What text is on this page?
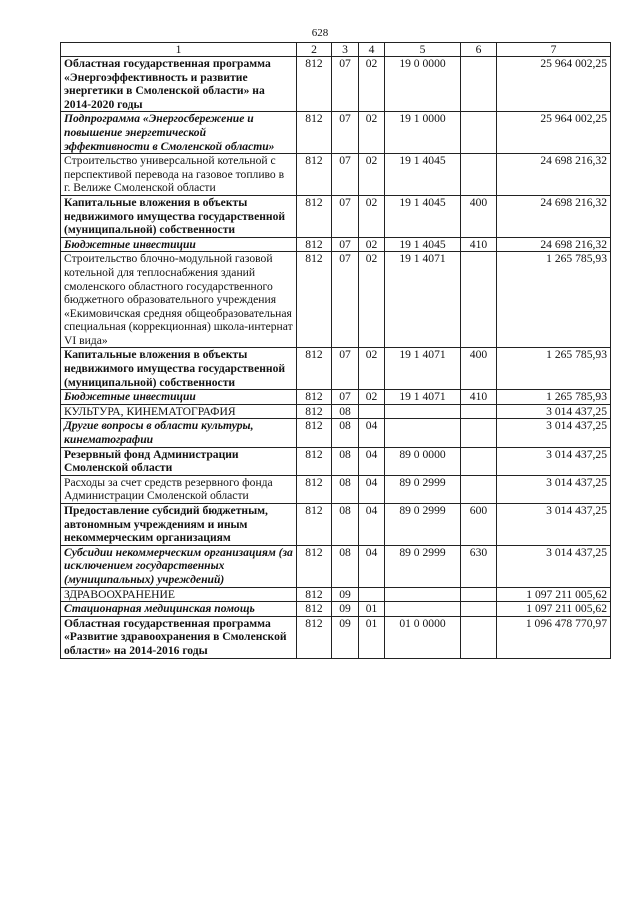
628
1	2	3	4	5	6	7
Областная государственная программа «Энергоэффективность и развитие энергетики в Смоленской области» на 2014-2020 годы	812	07	02	19 0 0000		25 964 002,25
Подпрограмма «Энергосбережение и повышение энергетической эффективности в Смоленской области»	812	07	02	19 1 0000		25 964 002,25
Строительство универсальной котельной с перспективой перевода на газовое топливо в г. Велиже Смоленской области	812	07	02	19 1 4045		24 698 216,32
Капитальные вложения в объекты недвижимого имущества государственной (муниципальной) собственности	812	07	02	19 1 4045	400	24 698 216,32
Бюджетные инвестиции	812	07	02	19 1 4045	410	24 698 216,32
Строительство блочно-модульной газовой котельной для теплоснабжения зданий смоленского областного государственного бюджетного образовательного учреждения «Екимовичская средняя общеобразовательная специальная (коррекционная) школа-интернат VI вида»	812	07	02	19 1 4071		1 265 785,93
Капитальные вложения в объекты недвижимого имущества государственной (муниципальной) собственности	812	07	02	19 1 4071	400	1 265 785,93
Бюджетные инвестиции	812	07	02	19 1 4071	410	1 265 785,93
КУЛЬТУРА, КИНЕМАТОГРАФИЯ	812	08				3 014 437,25
Другие вопросы в области культуры, кинематографии	812	08	04			3 014 437,25
Резервный фонд Администрации Смоленской области	812	08	04	89 0 0000		3 014 437,25
Расходы за счет средств резервного фонда Администрации Смоленской области	812	08	04	89 0 2999		3 014 437,25
Предоставление субсидий бюджетным, автономным учреждениям и иным некоммерческим организациям	812	08	04	89 0 2999	600	3 014 437,25
Субсидии некоммерческим организациям (за исключением государственных (муниципальных) учреждений)	812	08	04	89 0 2999	630	3 014 437,25
ЗДРАВООХРАНЕНИЕ	812	09				1 097 211 005,62
Стационарная медицинская помощь	812	09	01			1 097 211 005,62
Областная государственная программа «Развитие здравоохранения в Смоленской области» на 2014-2016 годы	812	09	01	01 0 0000		1 096 478 770,97
